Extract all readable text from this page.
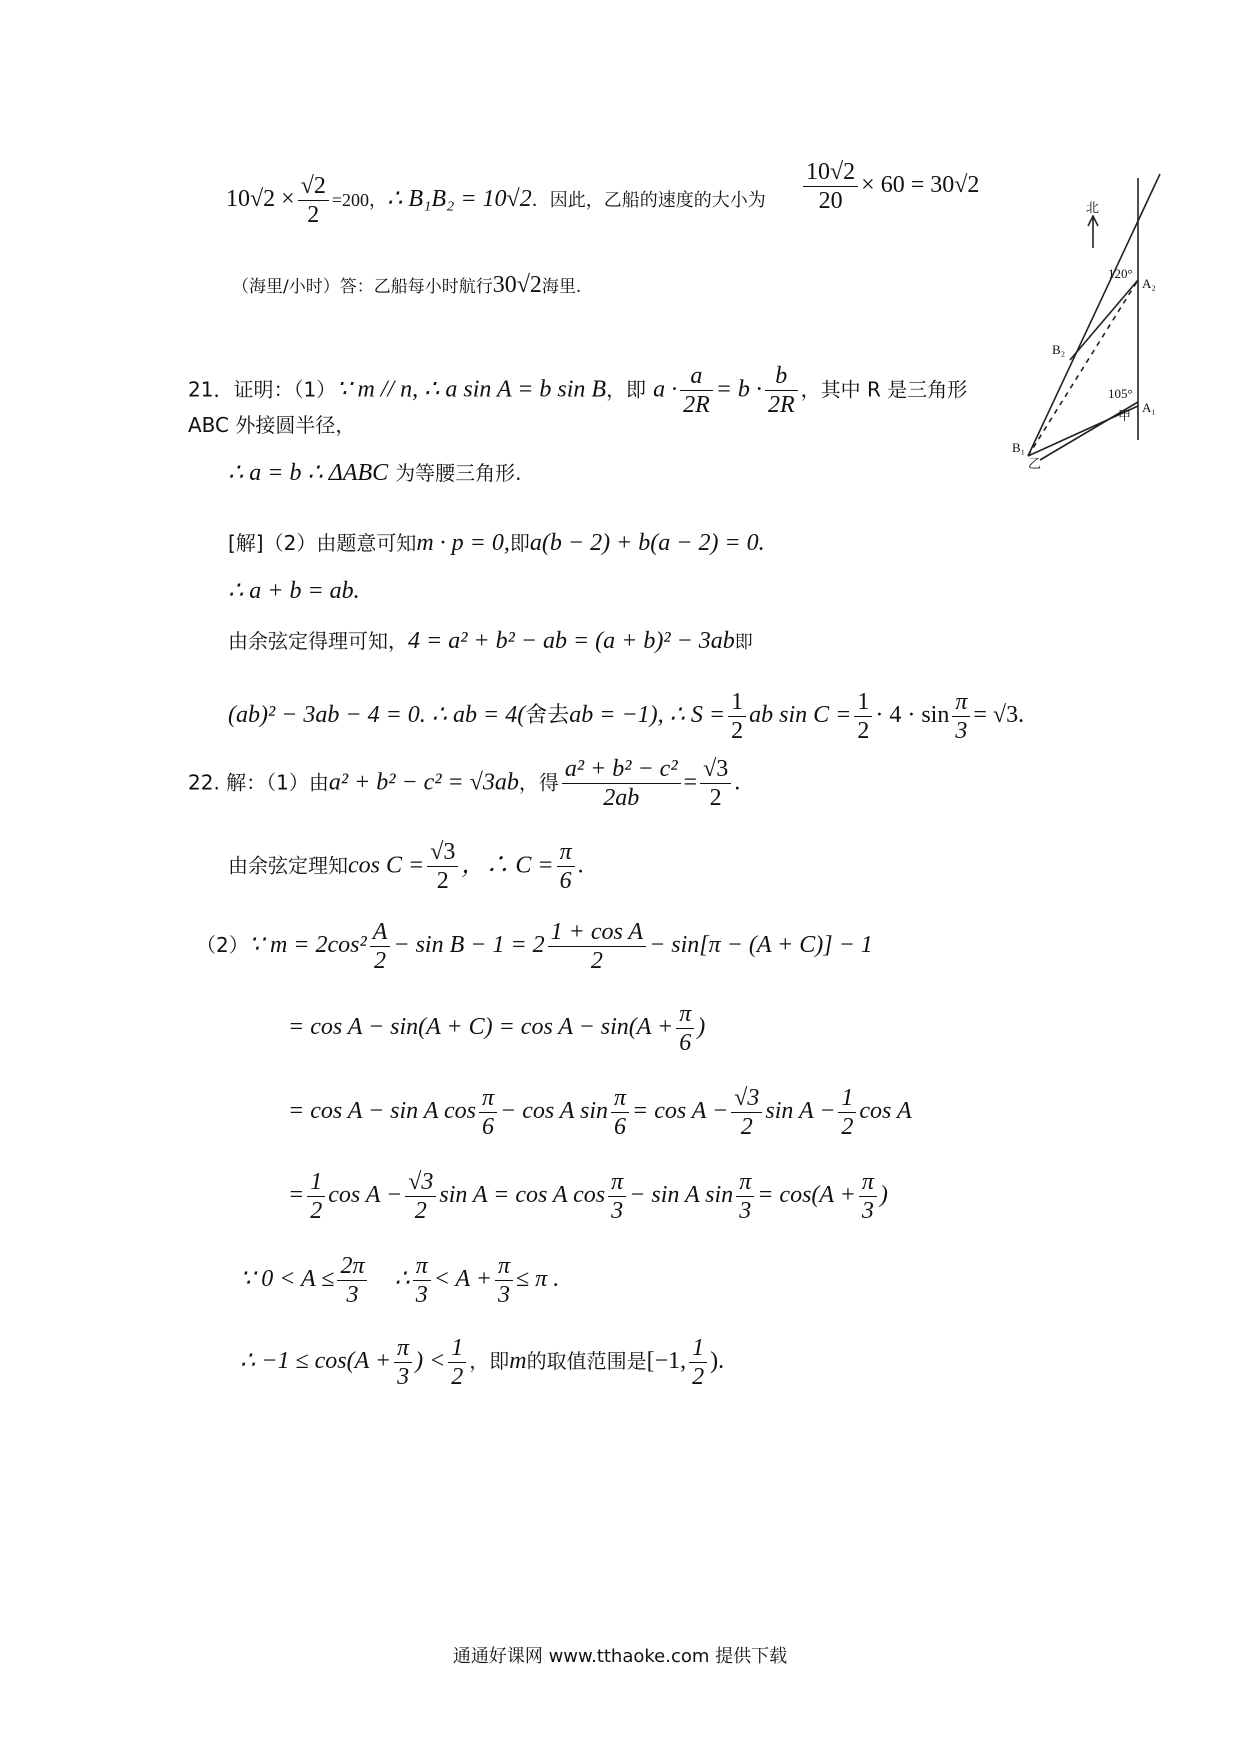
$10√2 \times \frac{√2}{2} =200$，∴ B₁B₂ = 10√2．因此，乙船的速度的大小为 $\frac{10√2}{20} \times 60 = 30√2$
（海里/小时）答：乙船每小时航行30√2海里.
21．证明：（1）∵ m // n, ∴ a sin A = b sin B，即 $a \cdot \frac{a}{2R} = b \cdot \frac{b}{2R}$ ，其中 R 是三角形
ABC 外接圆半径，
∴ a = b ∴ ΔABC 为等腰三角形.
[解]（2）由题意可知m · p = 0,即a(b − 2) + b(a − 2) = 0.
∴ a + b = ab.
由余弦定得理可知，4 = a² + b² − ab = (a + b)² − 3ab即
(ab)² − 3ab − 4 = 0. ∴ ab = 4(舍去ab = −1), ∴ $S = \frac{1}{2}$ ab $\sin C = \frac{1}{2} \cdot 4 \cdot \sin \frac{\pi}{3} = √3$.
22. 解：（1）由a² + b² − c² = √3ab，得 $\frac{\text{a² + b² − c²}}{2ab} = \frac{√3}{2}$ .
由余弦定理知$\cos C = \frac{√3}{2}$ ，∴ $C = \frac{\pi}{6}$ .
（2）∵ $m = 2\cos^2 \frac{A}{2} - \sin B - 1 = 2 \frac{\text{1 + cos A}}{2} - \sin[\pi - (A + C)] - 1$
= $\cos A - \sin(A + C) = \cos A - \sin(A + \frac{\pi}{6}$ )
= cos A − sin A $\cos \frac{\pi}{6} - \cos A$ $\sin \frac{\pi}{6} = \cos A - \frac{√3}{2}$ $\sin A - \frac{1}{2}$ cos A
= $\frac{1}{2}$ $\cos A - \frac{√3}{2}$ sin A = cos A $\cos \frac{\pi}{3} - \sin A$ $\sin \frac{\pi}{3} = \cos(A + \frac{\pi}{3}$ )
∵ $0 < A \le \frac{2\pi}{3}$ ∴ $\frac{\pi}{3} < A + \frac{\pi}{3} \le \pi$ .
∴ $-1 \le \cos(A + \frac{\pi}{3}$ ) < $\frac{1}{2}$ ，即m的取值范围是[−1, $\frac{1}{2}$ ).
北
120°
105°
A₂
A₁
B₂
B₁
甲
乙
通通好课网 www.tthaoke.com 提供下载
